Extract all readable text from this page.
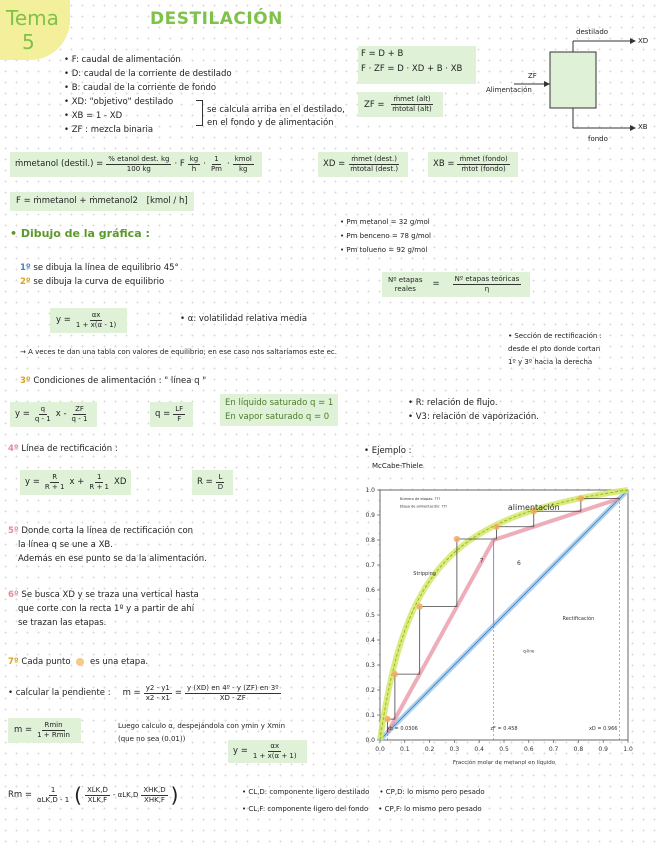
Tema
5
DESTILACIÓN
• F: caudal de alimentación
• D: caudal de la corriente de destilado
• B: caudal de la corriente de fondo
• XD: "objetivo" destilado
• XB = 1 - XD
• ZF : mezcla binaria
se calcula arriba en el destilado, en el fondo y de alimentación
F = D + B
F · ZF = D · XD + B · XB
ZF = $\frac{\text{ṁmet (alt)}}{\text{ṁtotal (alt)}}$
destilado
XD
ZF
Alimentación
fondo
XB
ṁmetanol (destil.) = $\frac{\text{\% etanol dest. kg}}{100 kg} \cdot F \frac{kg}{h} \cdot \frac{1}{Pm} \cdot \frac{\text{kmol}}{kg}$	XD = $\frac{\text{ṁmet (dest.)}}{\text{ṁtotal (dest.)}}$	XB = $\frac{\text{ṁmet (fondo)}}{\text{ṁtot (fondo)}}$
F = ṁmetanol + ṁmetanol2 [kmol / h]
• Dibujo de la gráfica :
• Pm metanol = 32 g/mol
• Pm benceno = 78 g/mol
• Pm tolueno = 92 g/mol
1º se dibuja la línea de equilibrio 45°
2º se dibuja la curva de equilibrio	Nº etapas
reales = $\frac{\text{Nº etapas teóricas}}{\eta}$
$y = \frac{\alpha x}{1 + x(\alpha - 1)}$	• α: volatilidad relativa media
→ A veces te dan una tabla con valores de equilibrio; en ese caso nos saltaríamos este ec.
• Sección de rectificación :
desde el pto donde cortan
1º y 3º hacia la derecha
3º Condiciones de alimentación : " línea q "
$y = \frac{q}{q - 1}$ x - $\frac{ZF}{q - 1}$	$q = \frac{LF}{F}$
En líquido saturado q = 1
En vapor saturado q = 0
• R: relación de flujo.
• V3: relación de vaporización.
4º Línea de rectificación :
$y = \frac{R}{R + 1}$ $x + \frac{1}{R + 1}$ XD	$R = \frac{L}{D}$
5º Donde corta la línea de rectificación con
la línea q se une a XB.
Además en ese punto se da la alimentación.
6º Se busca XD y se traza una vertical hasta
que corte con la recta 1º y a partir de ahí
se trazan las etapas.
7º Cada punto es una etapa.
• calcular la pendiente : $m = \frac{y2 - y1}{x2 - x1} = \frac{\text{y (XD) en 4º - y (ZF) en 3º}}{XD - ZF}$
$m = \frac{Rmin}{1 + Rmin}$	Luego calculo α, despejándola con ymin y Xmin
(que no sea (0.01))
$y = \frac{\alpha x}{1 + x(\alpha + 1)}$
$Rm = \frac{1}{\text{αLK,D - 1}}$ ( $\frac{\text{XLK,D}}{\text{XLK,F}} - \alpha LK,D \frac{\text{XHK,D}}{\text{XHK,F}}$ )	• CL,D: componente ligero destilado • CP,D: lo mismo pero pesado
• CL,F: componente ligero del fondo • CP,F: lo mismo pero pesado
• Ejemplo :
McCabe-Thiele
0.0	0.1	0.2	0.3	0.4	0.5	0.6	0.7	0.8	0.9	1.0
0.0
0.1
0.2
0.3
0.4
0.5
0.6
0.7
0.8
0.9
1.0
Fracción molar de metanol en líquido
alimentación
Stripping
Rectificación
q-line
6
7
Número de etapas: ???
Etapa de alimentación: ???
xb = 0.0306	zF = 0.458	xD = 0.966
